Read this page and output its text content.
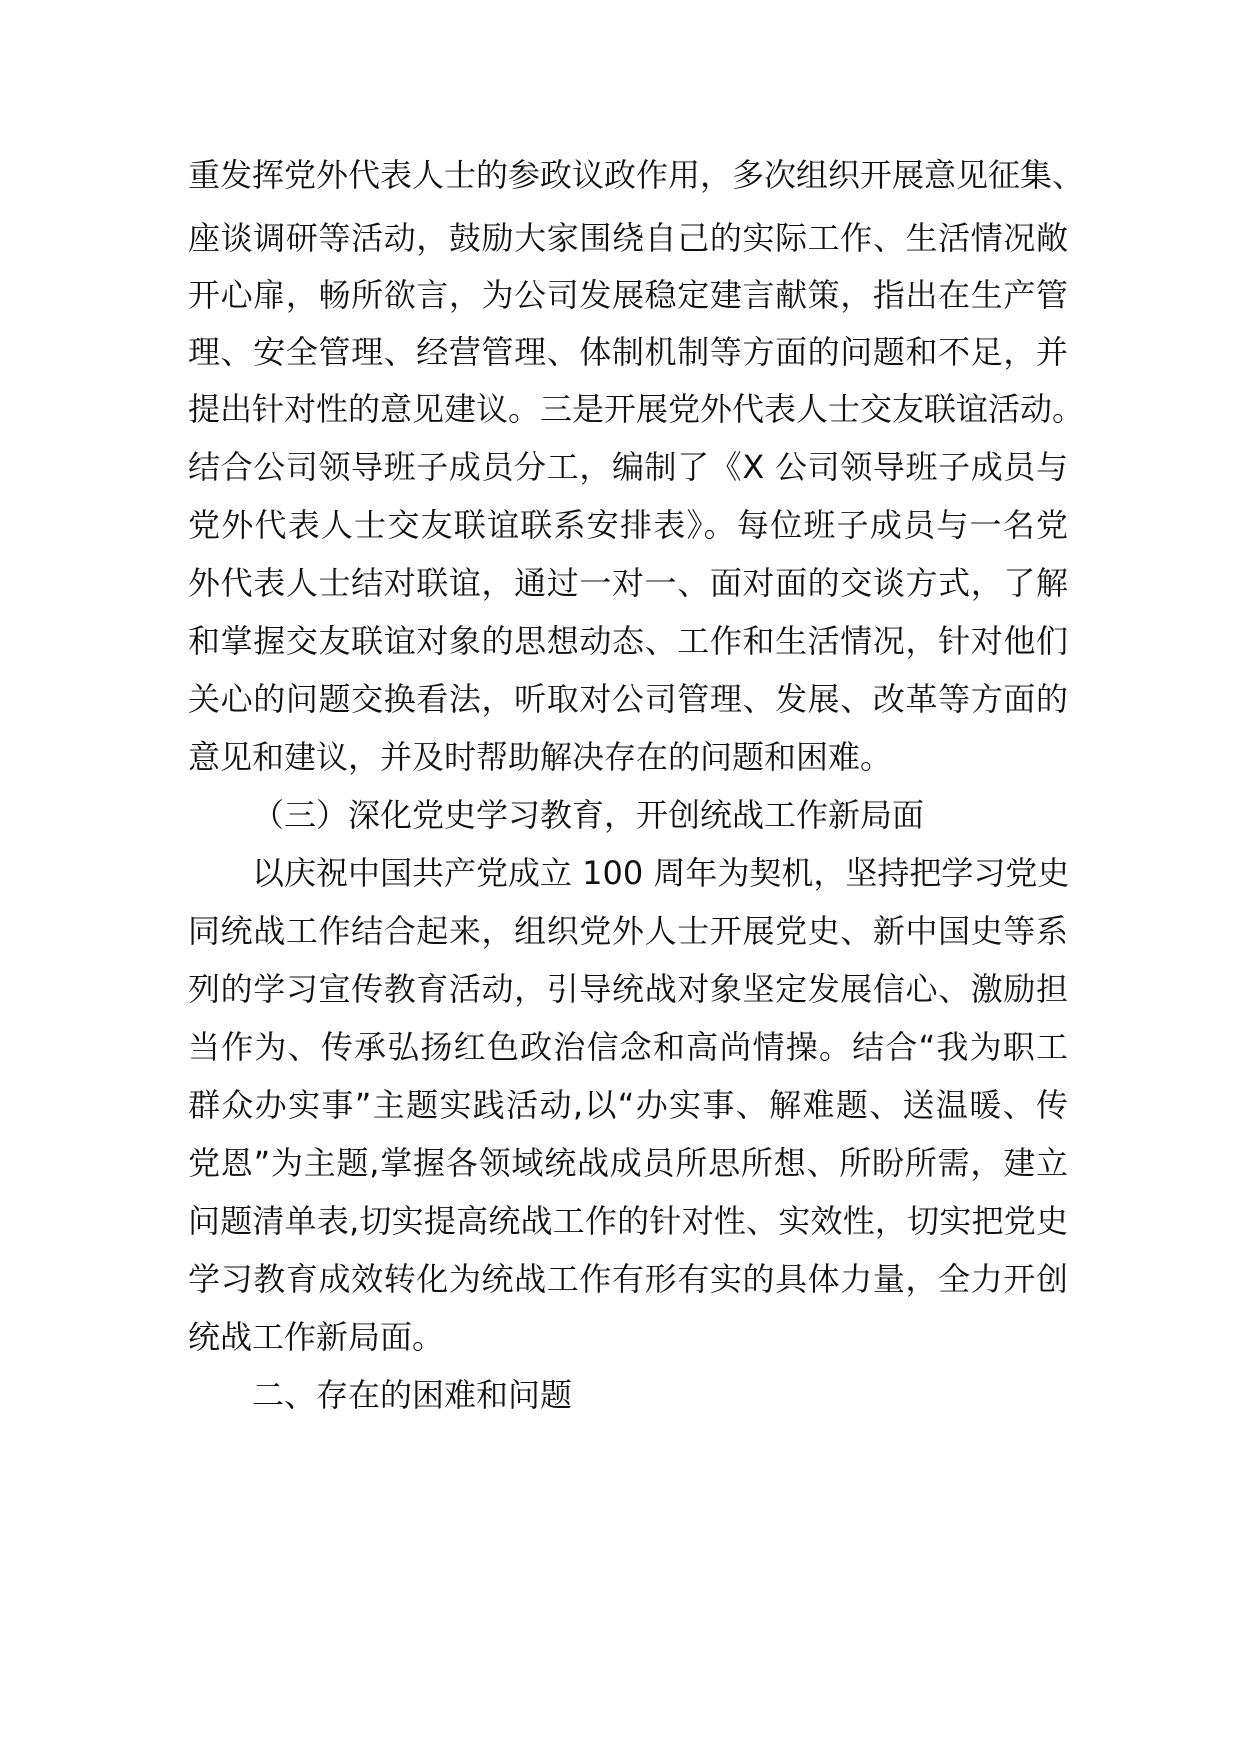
重发挥党外代表人士的参政议政作用，多次组织开展意见征集、
座谈调研等活动，鼓励大家围绕自己的实际工作、生活情况敞
开心扉，畅所欲言，为公司发展稳定建言献策，指出在生产管
理、安全管理、经营管理、体制机制等方面的问题和不足，并
提出针对性的意见建议。三是开展党外代表人士交友联谊活动。
结合公司领导班子成员分工，编制了《X 公司领导班子成员与
党外代表人士交友联谊联系安排表》。每位班子成员与一名党
外代表人士结对联谊，通过一对一、面对面的交谈方式，了解
和掌握交友联谊对象的思想动态、工作和生活情况，针对他们
关心的问题交换看法，听取对公司管理、发展、改革等方面的
意见和建议，并及时帮助解决存在的问题和困难。
（三）深化党史学习教育，开创统战工作新局面
以庆祝中国共产党成立 100 周年为契机，坚持把学习党史
同统战工作结合起来，组织党外人士开展党史、新中国史等系
列的学习宣传教育活动，引导统战对象坚定发展信心、激励担
当作为、传承弘扬红色政治信念和高尚情操。结合“我为职工
群众办实事”主题实践活动,以“办实事、解难题、送温暖、传
党恩”为主题,掌握各领域统战成员所思所想、所盼所需，建立
问题清单表,切实提高统战工作的针对性、实效性，切实把党史
学习教育成效转化为统战工作有形有实的具体力量，全力开创
统战工作新局面。
二、存在的困难和问题
